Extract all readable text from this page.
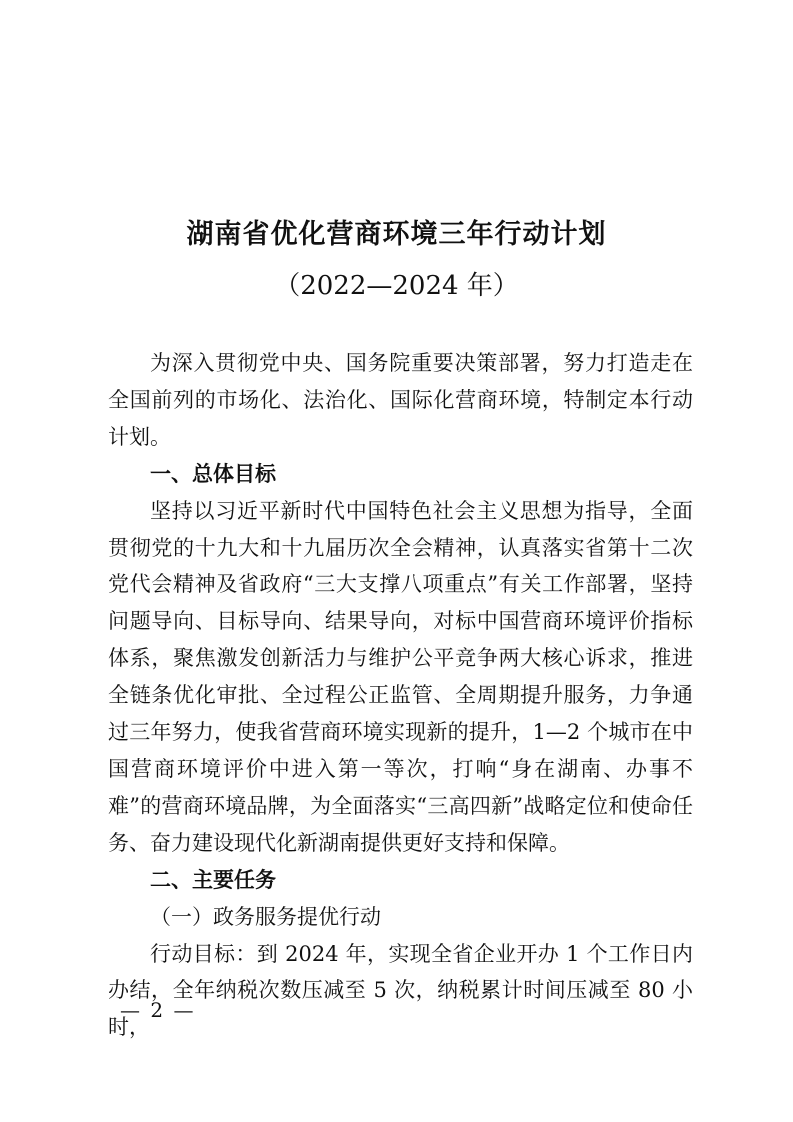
湖南省优化营商环境三年行动计划
（2022—2024 年）

为深入贯彻党中央、国务院重要决策部署，努力打造走在全国前列的市场化、法治化、国际化营商环境，特制定本行动计划。

一、总体目标

坚持以习近平新时代中国特色社会主义思想为指导，全面贯彻党的十九大和十九届历次全会精神，认真落实省第十二次党代会精神及省政府“三大支撑八项重点”有关工作部署，坚持问题导向、目标导向、结果导向，对标中国营商环境评价指标体系，聚焦激发创新活力与维护公平竞争两大核心诉求，推进全链条优化审批、全过程公正监管、全周期提升服务，力争通过三年努力，使我省营商环境实现新的提升，1—2 个城市在中国营商环境评价中进入第一等次，打响“身在湖南、办事不难”的营商环境品牌，为全面落实“三高四新”战略定位和使命任务、奋力建设现代化新湖南提供更好支持和保障。

二、主要任务

（一）政务服务提优行动

行动目标：到 2024 年，实现全省企业开办 1 个工作日内办结，全年纳税次数压减至 5 次，纳税累计时间压减至 80 小时，

— 2 —
